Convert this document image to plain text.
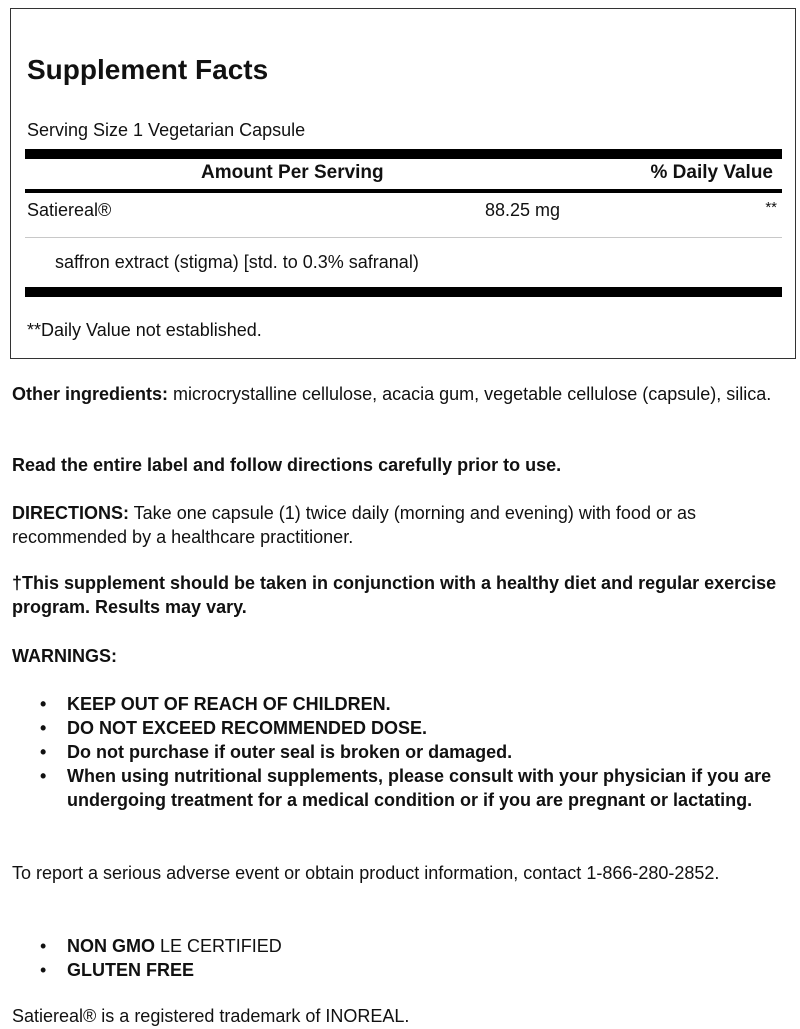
Supplement Facts
Serving Size 1 Vegetarian Capsule
Amount Per Serving	% Daily Value
Satiereal®	88.25 mg	**
saffron extract (stigma) [std. to 0.3% safranal)
**Daily Value not established.
Other ingredients: microcrystalline cellulose, acacia gum, vegetable cellulose (capsule), silica.
Read the entire label and follow directions carefully prior to use.
DIRECTIONS: Take one capsule (1) twice daily (morning and evening) with food or as recommended by a healthcare practitioner.
†This supplement should be taken in conjunction with a healthy diet and regular exercise program. Results may vary.
WARNINGS:
• KEEP OUT OF REACH OF CHILDREN.
• DO NOT EXCEED RECOMMENDED DOSE.
• Do not purchase if outer seal is broken or damaged.
• When using nutritional supplements, please consult with your physician if you are undergoing treatment for a medical condition or if you are pregnant or lactating.
To report a serious adverse event or obtain product information, contact 1-866-280-2852.
• NON GMO LE CERTIFIED
• GLUTEN FREE
Satiereal® is a registered trademark of INOREAL.
